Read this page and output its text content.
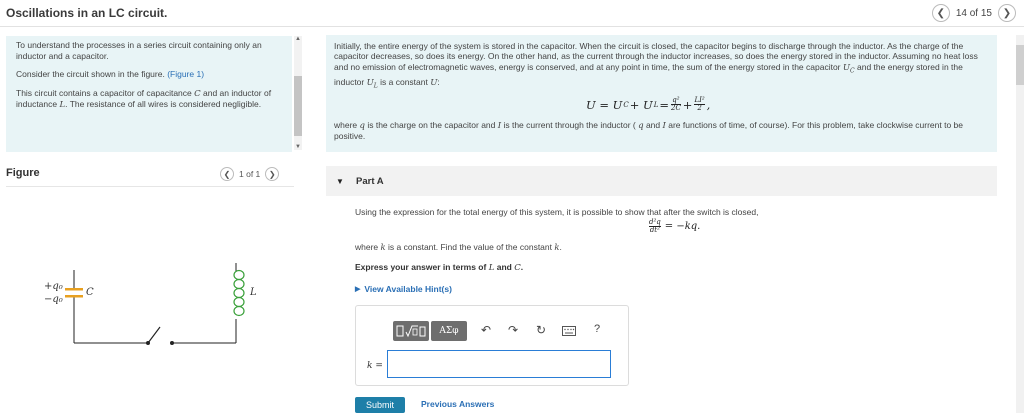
Oscillations in an LC circuit.	❮ 14 of 15 ❯

To understand the processes in a series circuit containing only an inductor and a capacitor.

Consider the circuit shown in the figure. (Figure 1)

This circuit contains a capacitor of capacitance C and an inductor of inductance L. The resistance of all wires is considered negligible.

▲
▼
Figure	❮ 1 of 1 ❯
+q₀
−q₀
C	L
Initially, the entire energy of the system is stored in the capacitor. When the circuit is closed, the capacitor begins to discharge through the inductor. As the charge of the capacitor decreases, so does its energy. On the other hand, as the current through the inductor increases, so does the energy stored in the inductor. Assuming no heat loss and no emission of electromagnetic waves, energy is conserved, and at any point in time, the sum of the energy stored in the capacitor $U_C$ and the energy stored in the inductor $U_L$ is a constant U:
U = U C + U $L = \frac{\text{q²}}{2C} + \frac{\text{LI²}}{2}$ ,
where q is the charge on the capacitor and I is the current through the inductor ( q and I are functions of time, of course). For this problem, take clockwise current to be positive.
▼ Part A
Using the expression for the total energy of this system, it is possible to show that after the switch is closed,
$\frac{\text{d²q}}{\text{dt²}} = -kq$.
where k is a constant. Find the value of the constant k.
Express your answer in terms of L and C.
▶ View Available Hint(s)
ΑΣφ	↶ ↷ ↻	?
k =
Submit	Previous Answers
